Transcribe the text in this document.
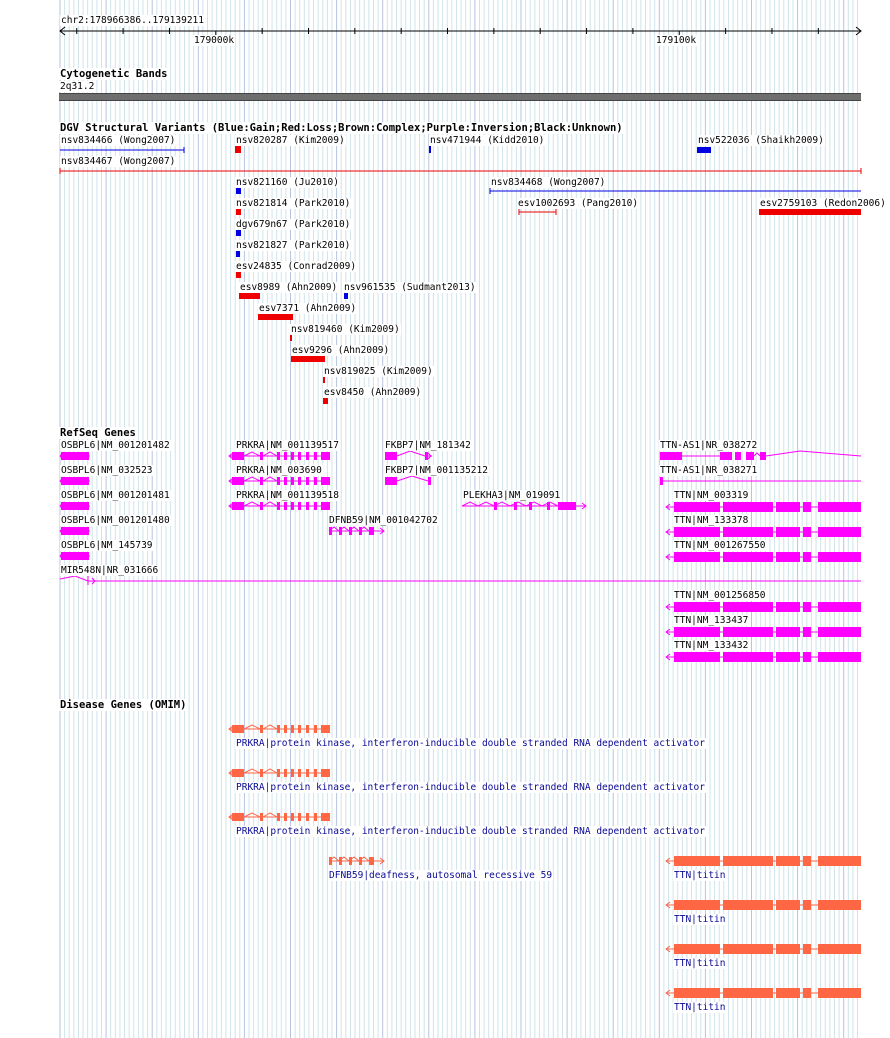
chr2:178966386..179139211
179000k	179100k
Cytogenetic Bands
2q31.2
DGV Structural Variants (Blue:Gain;Red:Loss;Brown:Complex;Purple:Inversion;Black:Unknown)
RefSeq Genes
Disease Genes (OMIM)
nsv834466 (Wong2007)	nsv820287 (Kim2009)	nsv471944 (Kidd2010)	nsv522036 (Shaikh2009)
nsv834467 (Wong2007)
nsv821160 (Ju2010)	nsv834468 (Wong2007)
nsv821814 (Park2010)	esv1002693 (Pang2010)	esv2759103 (Redon2006)
dgv679n67 (Park2010)
nsv821827 (Park2010)
esv24835 (Conrad2009)
esv8989 (Ahn2009) nsv961535 (Sudmant2013)
esv7371 (Ahn2009)
nsv819460 (Kim2009)
esv9296 (Ahn2009)
nsv819025 (Kim2009)
esv8450 (Ahn2009)
OSBPL6|NM_001201482	PRKRA|NM_001139517	FKBP7|NM_181342	TTN-AS1|NR_038272
OSBPL6|NM_032523	PRKRA|NM_003690	FKBP7|NM_001135212	TTN-AS1|NR_038271
OSBPL6|NM_001201481	PRKRA|NM_001139518	PLEKHA3|NM_019091	TTN|NM_003319
OSBPL6|NM_001201480	DFNB59|NM_001042702	TTN|NM_133378
OSBPL6|NM_145739	TTN|NM_001267550
MIR548N|NR_031666
TTN|NM_001256850
TTN|NM_133437
TTN|NM_133432
PRKRA|protein kinase, interferon-inducible double stranded RNA dependent activator
PRKRA|protein kinase, interferon-inducible double stranded RNA dependent activator
PRKRA|protein kinase, interferon-inducible double stranded RNA dependent activator
DFNB59|deafness, autosomal recessive 59	TTN|titin
TTN|titin
TTN|titin
TTN|titin
